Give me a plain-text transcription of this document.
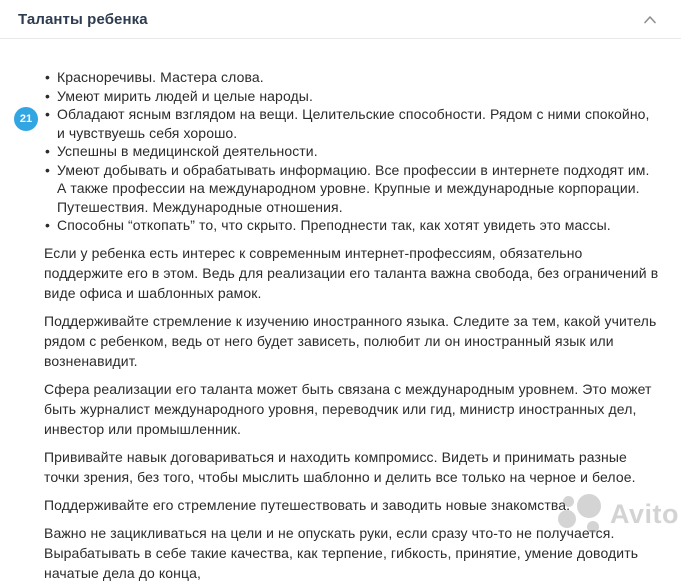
Таланты ребенка
21
• Красноречивы. Мастера слова.
• Умеют мирить людей и целые народы.
• Обладают ясным взглядом на вещи. Целительские способности. Рядом с ними спокойно, и чувствуешь себя хорошо.
• Успешны в медицинской деятельности.
• Умеют добывать и обрабатывать информацию. Все профессии в интернете подходят им. А также профессии на международном уровне. Крупные и международные корпорации. Путешествия. Международные отношения.
• Способны “откопать” то, что скрыто. Преподнести так, как хотят увидеть это массы.

Если у ребенка есть интерес к современным интернет-профессиям, обязательно поддержите его в этом. Ведь для реализации его таланта важна свобода, без ограничений в виде офиса и шаблонных рамок.

Поддерживайте стремление к изучению иностранного языка. Следите за тем, какой учитель рядом с ребенком, ведь от него будет зависеть, полюбит ли он иностранный язык или возненавидит.

Сфера реализации его таланта может быть связана с международным уровнем. Это может быть журналист международного уровня, переводчик или гид, министр иностранных дел, инвестор или промышленник.

Прививайте навык договариваться и находить компромисс. Видеть и принимать разные точки зрения, без того, чтобы мыслить шаблонно и делить все только на черное и белое.

Поддерживайте его стремление путешествовать и заводить новые знакомства.

Важно не зацикливаться на цели и не опускать руки, если сразу что-то не получается. Вырабатывать в себе такие качества, как терпение, гибкость, принятие, умение доводить начатые дела до конца,

Avito
